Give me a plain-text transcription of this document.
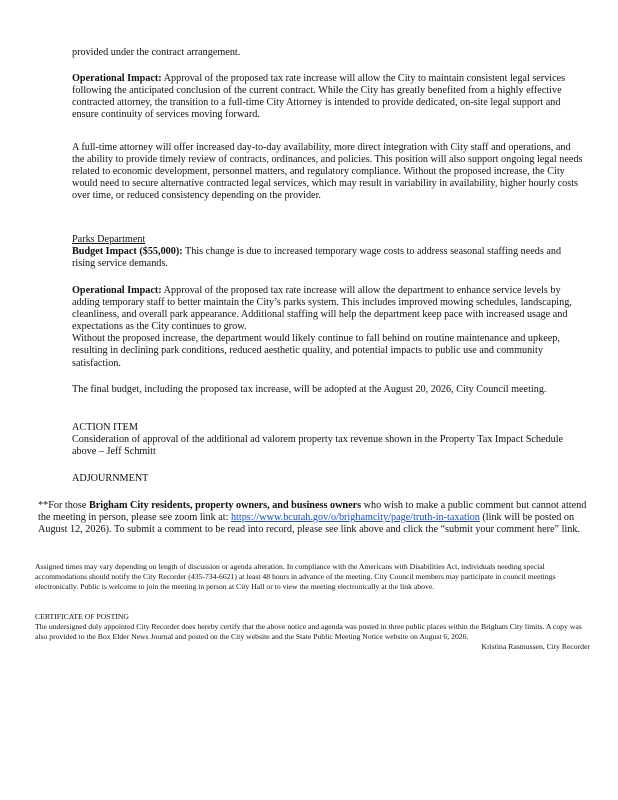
provided under the contract arrangement.

Operational Impact: Approval of the proposed tax rate increase will allow the City to maintain consistent legal services following the anticipated conclusion of the current contract. While the City has greatly benefited from a highly effective contracted attorney, the transition to a full-time City Attorney is intended to provide dedicated, on-site legal support and ensure continuity of services moving forward.

A full-time attorney will offer increased day-to-day availability, more direct integration with City staff and operations, and the ability to provide timely review of contracts, ordinances, and policies. This position will also support ongoing legal needs related to economic development, personnel matters, and regulatory compliance. Without the proposed increase, the City would need to secure alternative contracted legal services, which may result in variability in availability, higher hourly costs over time, or reduced consistency depending on the provider.

Parks Department

Budget Impact ($55,000): This change is due to increased temporary wage costs to address seasonal staffing needs and rising service demands.

Operational Impact: Approval of the proposed tax rate increase will allow the department to enhance service levels by adding temporary staff to better maintain the City’s parks system. This includes improved mowing schedules, landscaping, cleanliness, and overall park appearance. Additional staffing will help the department keep pace with increased usage and expectations as the City continues to grow.

Without the proposed increase, the department would likely continue to fall behind on routine maintenance and upkeep, resulting in declining park conditions, reduced aesthetic quality, and potential impacts to public use and community satisfaction.

The final budget, including the proposed tax increase, will be adopted at the August 20, 2026, City Council meeting.

ACTION ITEM

Consideration of approval of the additional ad valorem property tax revenue shown in the Property Tax Impact Schedule above – Jeff Schmitt

ADJOURNMENT

**For those Brigham City residents, property owners, and business owners who wish to make a public comment but cannot attend the meeting in person, please see zoom link at: https://www.bcutah.gov/o/brighamcity/page/truth-in-taxation (link will be posted on August 12, 2026). To submit a comment to be read into record, please see link above and click the “submit your comment here” link.

Assigned times may vary depending on length of discussion or agenda alteration. In compliance with the Americans with Disabilities Act, individuals needing special accommodations should notify the City Recorder (435-734-6621) at least 48 hours in advance of the meeting. City Council members may participate in council meetings electronically. Public is welcome to join the meeting in person at City Hall or to view the meeting electronically at the link above.

CERTIFICATE OF POSTING

The undersigned duly appointed City Recorder does hereby certify that the above notice and agenda was posted in three public places within the Brigham City limits. A copy was also provided to the Box Elder News Journal and posted on the City website and the State Public Meeting Notice website on August 6, 2026.

Kristina Rasmussen, City Recorder
